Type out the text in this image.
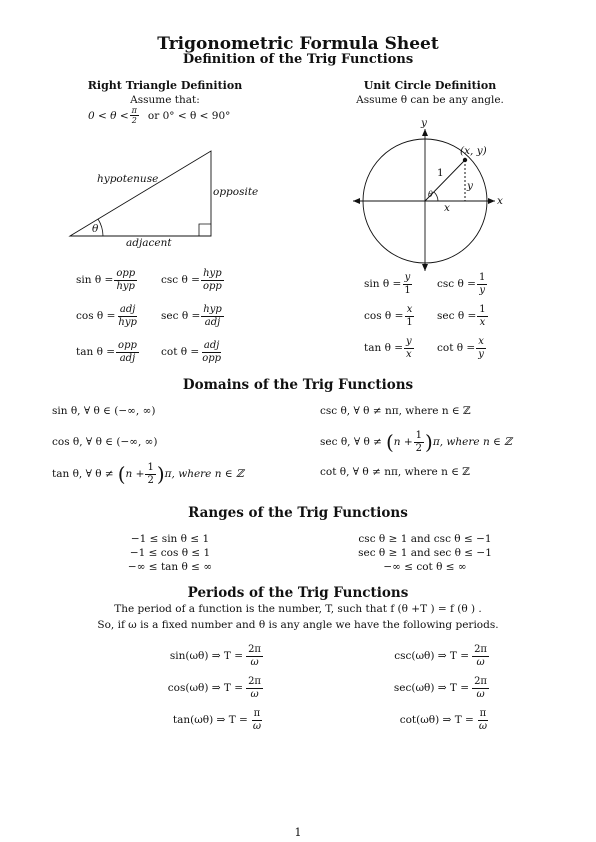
Trigonometric Formula Sheet
Definition of the Trig Functions
Right Triangle Definition
Assume that:
$0 < \theta < \frac{\pi}{2}$ or 0° < θ < 90°
hypotenuse
opposite
adjacent
θ
$\sin \theta = \frac{\text{opp}}{\text{hyp}}$ $\csc \theta = \frac{\text{hyp}}{\text{opp}}$
$\cos \theta = \frac{\text{adj}}{\text{hyp}}$ $\sec \theta = \frac{\text{hyp}}{\text{adj}}$
$\tan \theta = \frac{\text{opp}}{\text{adj}}$ $\cot \theta = \frac{\text{adj}}{\text{opp}}$
Unit Circle Definition
Assume θ can be any angle.
y
x
(x, y)
1
y
x
θ
$\sin \theta = \frac{y}{1}$ $\csc \theta = \frac{1}{y}$
$\cos \theta = \frac{x}{1}$ $\sec \theta = \frac{1}{x}$
$\tan \theta = \frac{y}{x}$ $\cot \theta = \frac{x}{y}$
Domains of the Trig Functions
sin θ, ∀ θ ∈ (−∞, ∞)
cos θ, ∀ θ ∈ (−∞, ∞)
tan θ, ∀ θ ≠ ( $n + \frac{1}{2}$ ) π, where n ∈ ℤ
csc θ, ∀ θ ≠ nπ, where n ∈ ℤ
sec θ, ∀ θ ≠ ( $n + \frac{1}{2}$ ) π, where n ∈ ℤ
cot θ, ∀ θ ≠ nπ, where n ∈ ℤ
Ranges of the Trig Functions
−1 ≤ sin θ ≤ 1
−1 ≤ cos θ ≤ 1
−∞ ≤ tan θ ≤ ∞
csc θ ≥ 1 and csc θ ≤ −1
sec θ ≥ 1 and sec θ ≤ −1
−∞ ≤ cot θ ≤ ∞
Periods of the Trig Functions
The period of a function is the number, T, such that f (θ +T ) = f (θ ) .
So, if ω is a fixed number and θ is any angle we have the following periods.
sin(ωθ) ⇒ $T = \frac{2\pi}{\omega}$
cos(ωθ) ⇒ $T = \frac{2\pi}{\omega}$
tan(ωθ) ⇒ $T = \frac{\pi}{\omega}$
csc(ωθ) ⇒ $T = \frac{2\pi}{\omega}$
sec(ωθ) ⇒ $T = \frac{2\pi}{\omega}$
cot(ωθ) ⇒ $T = \frac{\pi}{\omega}$
1
